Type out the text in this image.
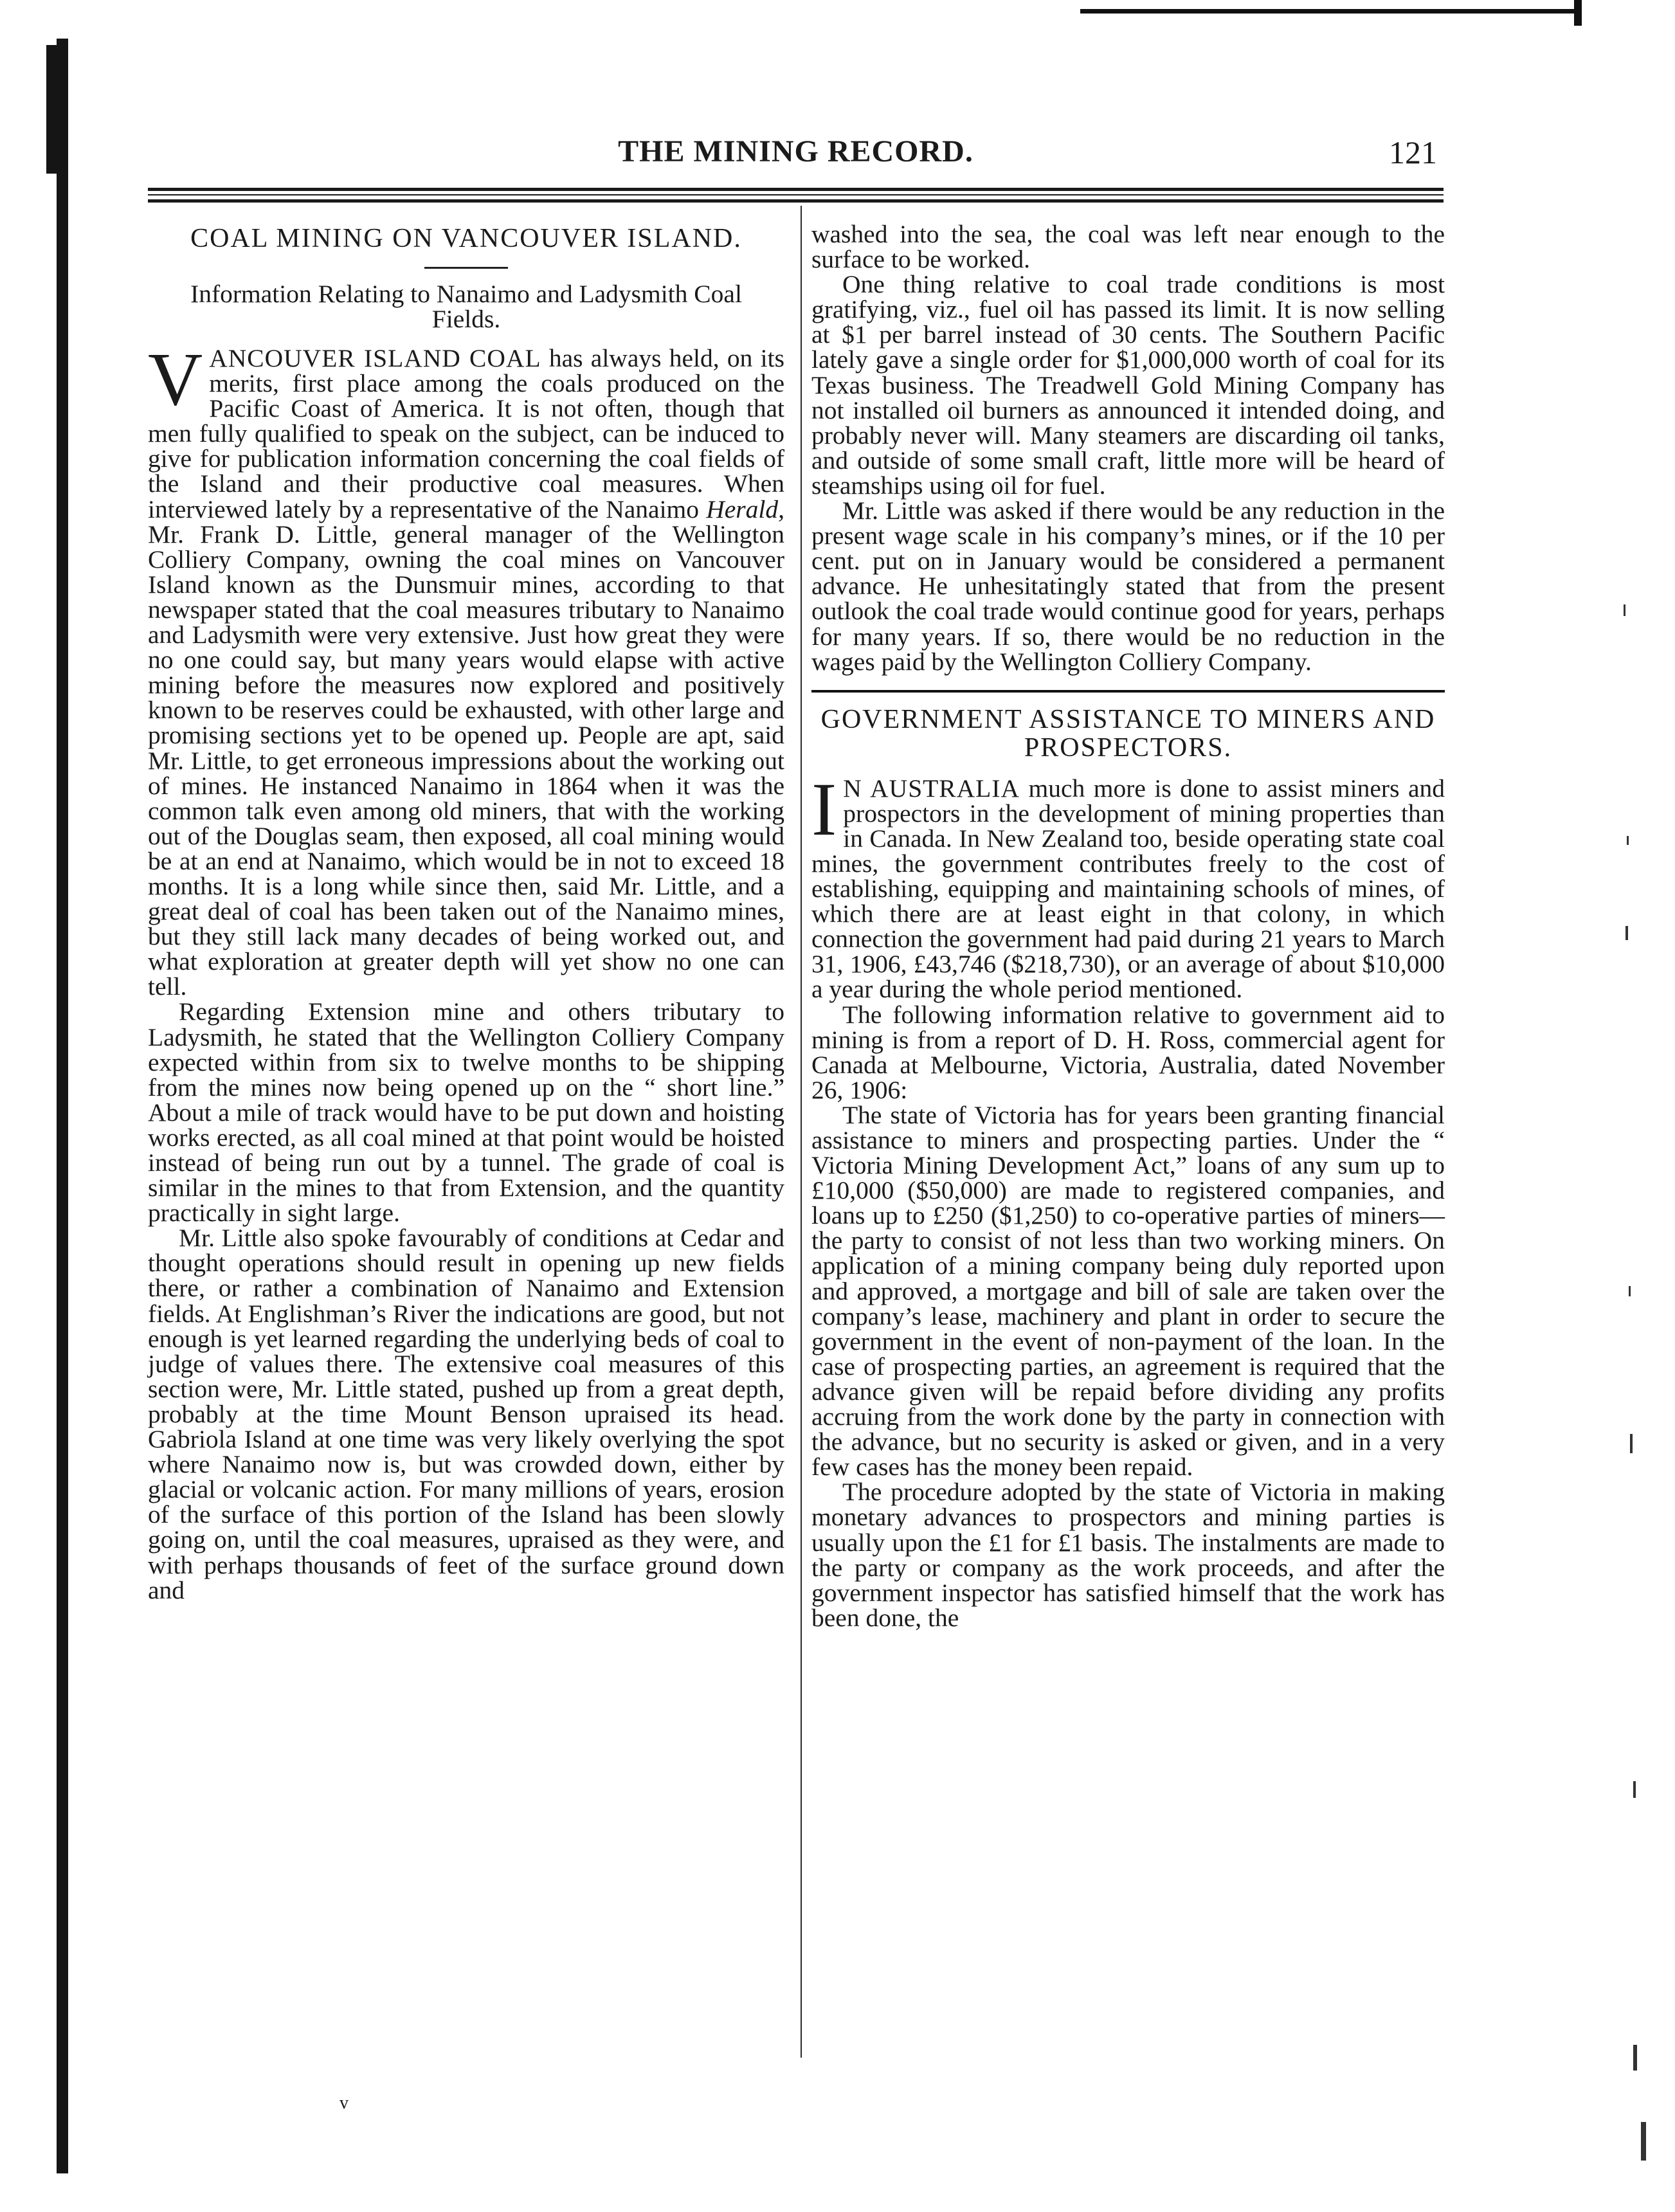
THE MINING RECORD.	121
COAL MINING ON VANCOUVER ISLAND.
Information Relating to Nanaimo and Ladysmith Coal Fields.

VANCOUVER ISLAND COAL has always held, on its merits, first place among the coals produced on the Pacific Coast of America. It is not often, though that men fully qualified to speak on the subject, can be induced to give for publication information concerning the coal fields of the Island and their productive coal measures. When interviewed lately by a representative of the Nanaimo Herald, Mr. Frank D. Little, general manager of the Wellington Colliery Company, owning the coal mines on Vancouver Island known as the Dunsmuir mines, according to that newspaper stated that the coal measures tributary to Nanaimo and Ladysmith were very extensive. Just how great they were no one could say, but many years would elapse with active mining before the measures now explored and positively known to be reserves could be exhausted, with other large and promising sections yet to be opened up. People are apt, said Mr. Little, to get erroneous impressions about the working out of mines. He instanced Nanaimo in 1864 when it was the common talk even among old miners, that with the working out of the Douglas seam, then exposed, all coal mining would be at an end at Nanaimo, which would be in not to exceed 18 months. It is a long while since then, said Mr. Little, and a great deal of coal has been taken out of the Nanaimo mines, but they still lack many decades of being worked out, and what exploration at greater depth will yet show no one can tell.

Regarding Extension mine and others tributary to Ladysmith, he stated that the Wellington Colliery Company expected within from six to twelve months to be shipping from the mines now being opened up on the “ short line.” About a mile of track would have to be put down and hoisting works erected, as all coal mined at that point would be hoisted instead of being run out by a tunnel. The grade of coal is similar in the mines to that from Extension, and the quantity practically in sight large.

Mr. Little also spoke favourably of conditions at Cedar and thought operations should result in opening up new fields there, or rather a combination of Nanaimo and Extension fields. At Englishman’s River the indications are good, but not enough is yet learned regarding the underlying beds of coal to judge of values there. The extensive coal measures of this section were, Mr. Little stated, pushed up from a great depth, probably at the time Mount Benson upraised its head. Gabriola Island at one time was very likely overlying the spot where Nanaimo now is, but was crowded down, either by glacial or volcanic action. For many millions of years, erosion of the surface of this portion of the Island has been slowly going on, until the coal measures, upraised as they were, and with perhaps thousands of feet of the surface ground down and

washed into the sea, the coal was left near enough to the surface to be worked.

One thing relative to coal trade conditions is most gratifying, viz., fuel oil has passed its limit. It is now selling at $1 per barrel instead of 30 cents. The Southern Pacific lately gave a single order for $1,000,000 worth of coal for its Texas business. The Treadwell Gold Mining Company has not installed oil burners as announced it intended doing, and probably never will. Many steamers are discarding oil tanks, and outside of some small craft, little more will be heard of steamships using oil for fuel.

Mr. Little was asked if there would be any reduction in the present wage scale in his company’s mines, or if the 10 per cent. put on in January would be considered a permanent advance. He unhesitatingly stated that from the present outlook the coal trade would continue good for years, perhaps for many years. If so, there would be no reduction in the wages paid by the Wellington Colliery Company.

GOVERNMENT ASSISTANCE TO MINERS AND PROSPECTORS.

I N AUSTRALIA much more is done to assist miners and prospectors in the development of mining properties than in Canada. In New Zealand too, beside operating state coal mines, the government contributes freely to the cost of establishing, equipping and maintaining schools of mines, of which there are at least eight in that colony, in which connection the government had paid during 21 years to March 31, 1906, £43,746 ($218,730), or an average of about $10,000 a year during the whole period mentioned.

The following information relative to government aid to mining is from a report of D. H. Ross, commercial agent for Canada at Melbourne, Victoria, Australia, dated November 26, 1906:

The state of Victoria has for years been granting financial assistance to miners and prospecting parties. Under the “ Victoria Mining Development Act,” loans of any sum up to £10,000 ($50,000) are made to registered companies, and loans up to £250 ($1,250) to co-operative parties of miners—the party to consist of not less than two working miners. On application of a mining company being duly reported upon and approved, a mortgage and bill of sale are taken over the company’s lease, machinery and plant in order to secure the government in the event of non-payment of the loan. In the case of prospecting parties, an agreement is required that the advance given will be repaid before dividing any profits accruing from the work done by the party in connection with the advance, but no security is asked or given, and in a very few cases has the money been repaid.

The procedure adopted by the state of Victoria in making monetary advances to prospectors and mining parties is usually upon the £1 for £1 basis. The instalments are made to the party or company as the work proceeds, and after the government inspector has satisfied himself that the work has been done, the

v
